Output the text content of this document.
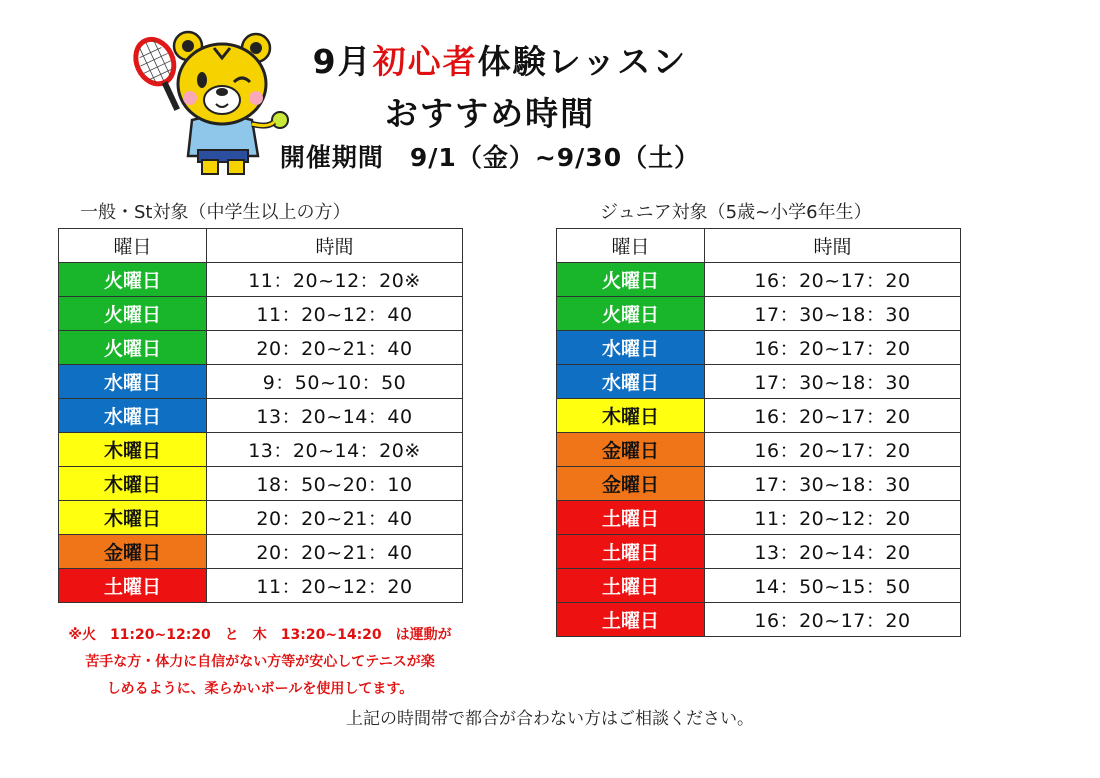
9月初心者体験レッスン
おすすめ時間
開催期間　9/1（金）~9/30（土）
一般・St対象（中学生以上の方）	ジュニア対象（5歳~小学6年生）
曜日	時間
火曜日	11：20~12：20※
火曜日	11：20~12：40
火曜日	20：20~21：40
水曜日	9：50~10：50
水曜日	13：20~14：40
木曜日	13：20~14：20※
木曜日	18：50~20：10
木曜日	20：20~21：40
金曜日	20：20~21：40
土曜日	11：20~12：20
曜日	時間
火曜日	16：20~17：20
火曜日	17：30~18：30
水曜日	16：20~17：20
水曜日	17：30~18：30
木曜日	16：20~17：20
金曜日	16：20~17：20
金曜日	17：30~18：30
土曜日	11：20~12：20
土曜日	13：20~14：20
土曜日	14：50~15：50
土曜日	16：20~17：20
※火　11:20~12:20　と　木　13:20~14:20　は運動が
苦手な方・体力に自信がない方等が安心してテニスが楽
しめるように、柔らかいボールを使用してます。
上記の時間帯で都合が合わない方はご相談ください。
